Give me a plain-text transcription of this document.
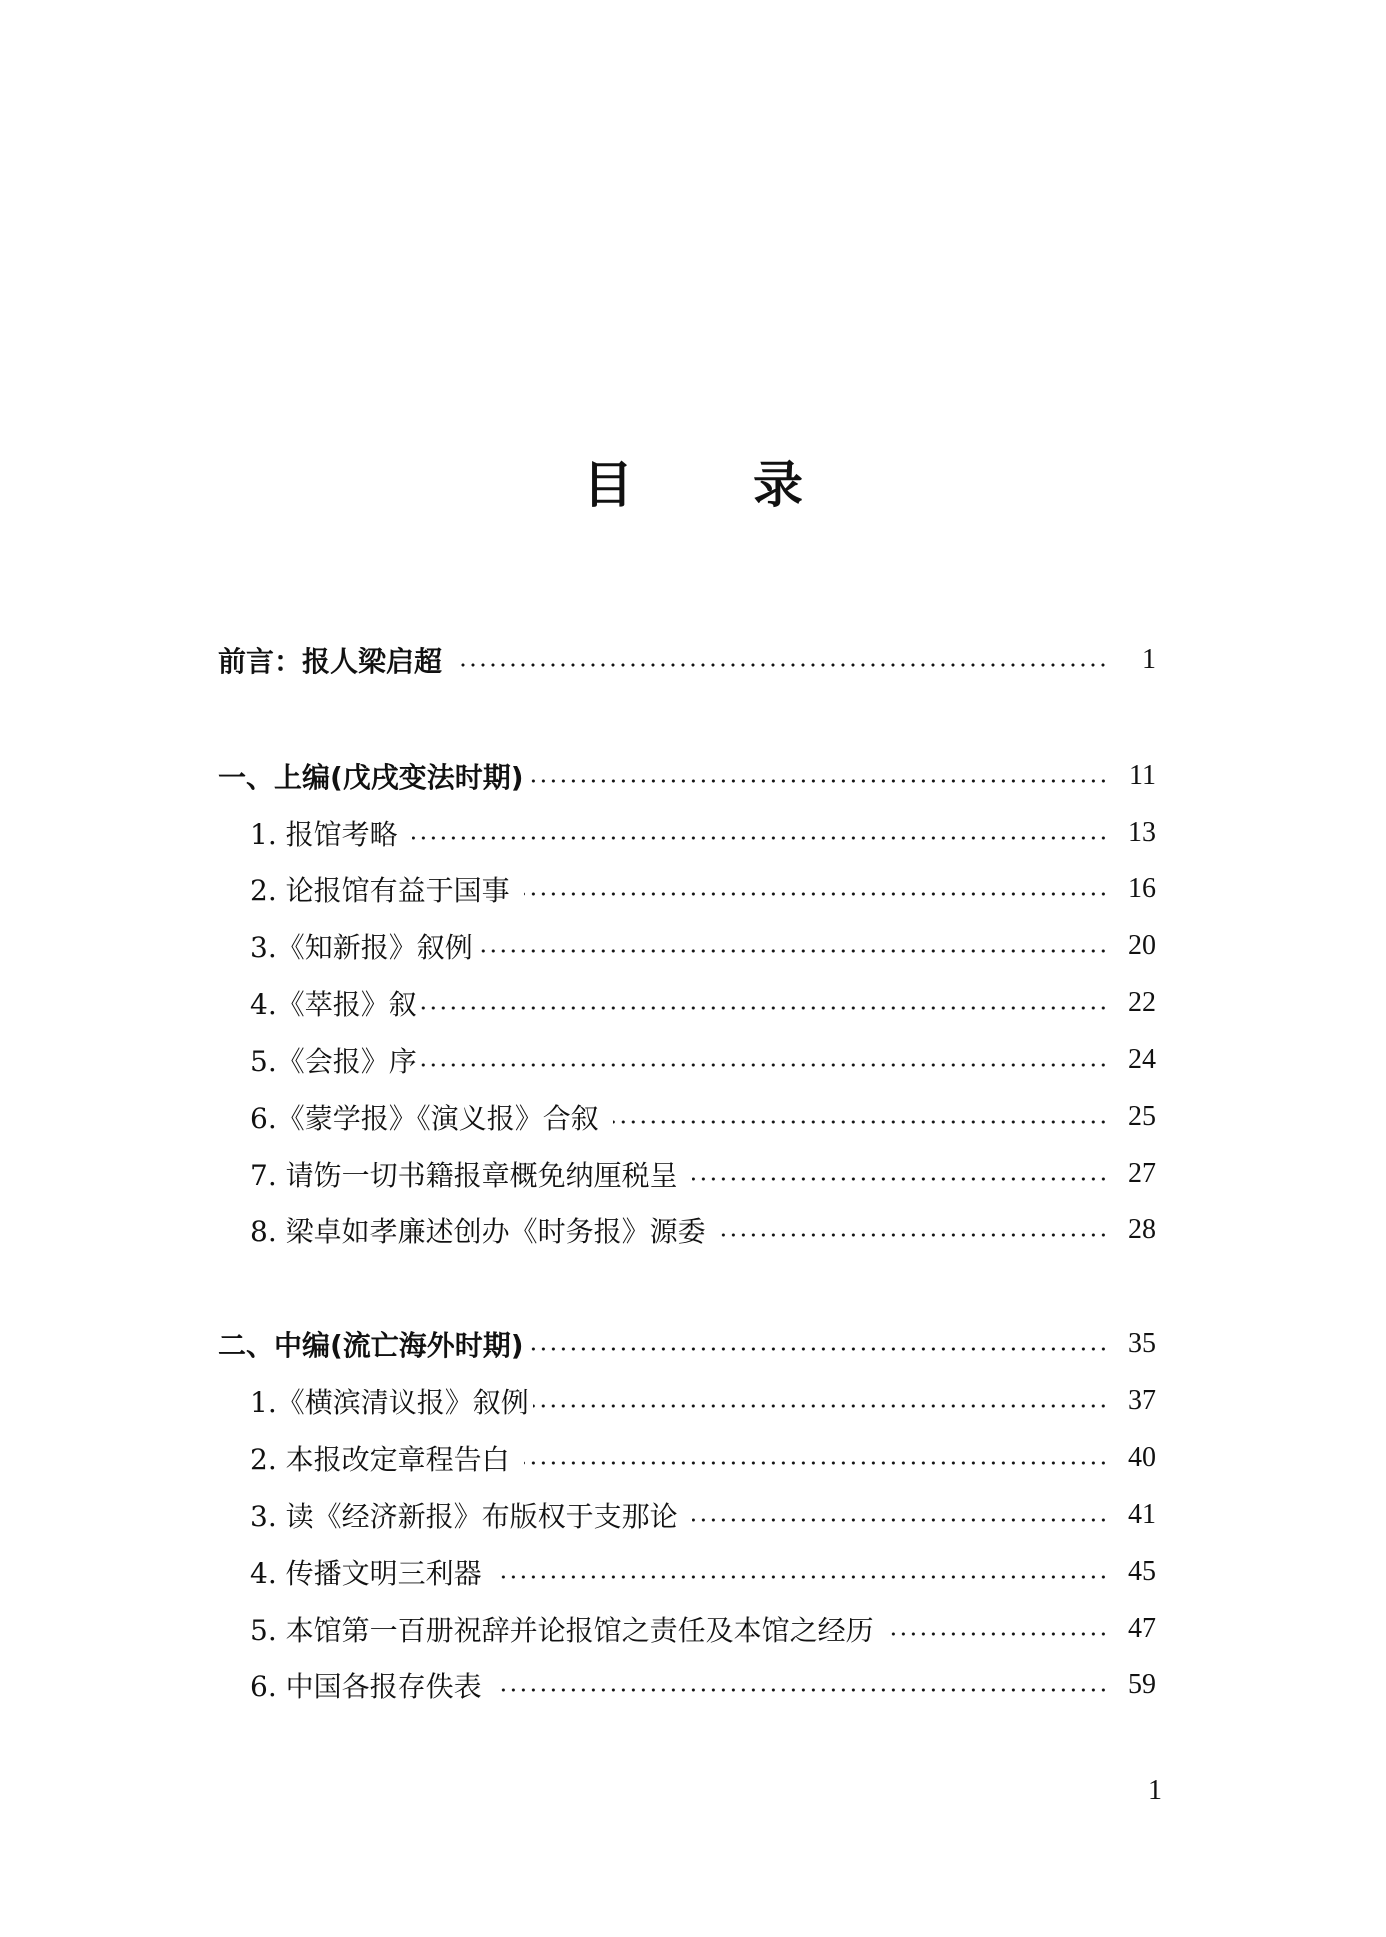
目 录
前言：报人梁启超	1
一、上编(戊戌变法时期)	11
1. 报馆考略	13
2. 论报馆有益于国事	16
3.《知新报》叙例	20
4.《萃报》叙	22
5.《会报》序	24
6.《蒙学报》《演义报》合叙	25
7. 请饬一切书籍报章概免纳厘税呈	27
8. 梁卓如孝廉述创办《时务报》源委	28
二、中编(流亡海外时期)	35
1.《横滨清议报》叙例	37
2. 本报改定章程告白	40
3. 读《经济新报》布版权于支那论	41
4. 传播文明三利器	45
5. 本馆第一百册祝辞并论报馆之责任及本馆之经历	47
6. 中国各报存佚表	59
1
